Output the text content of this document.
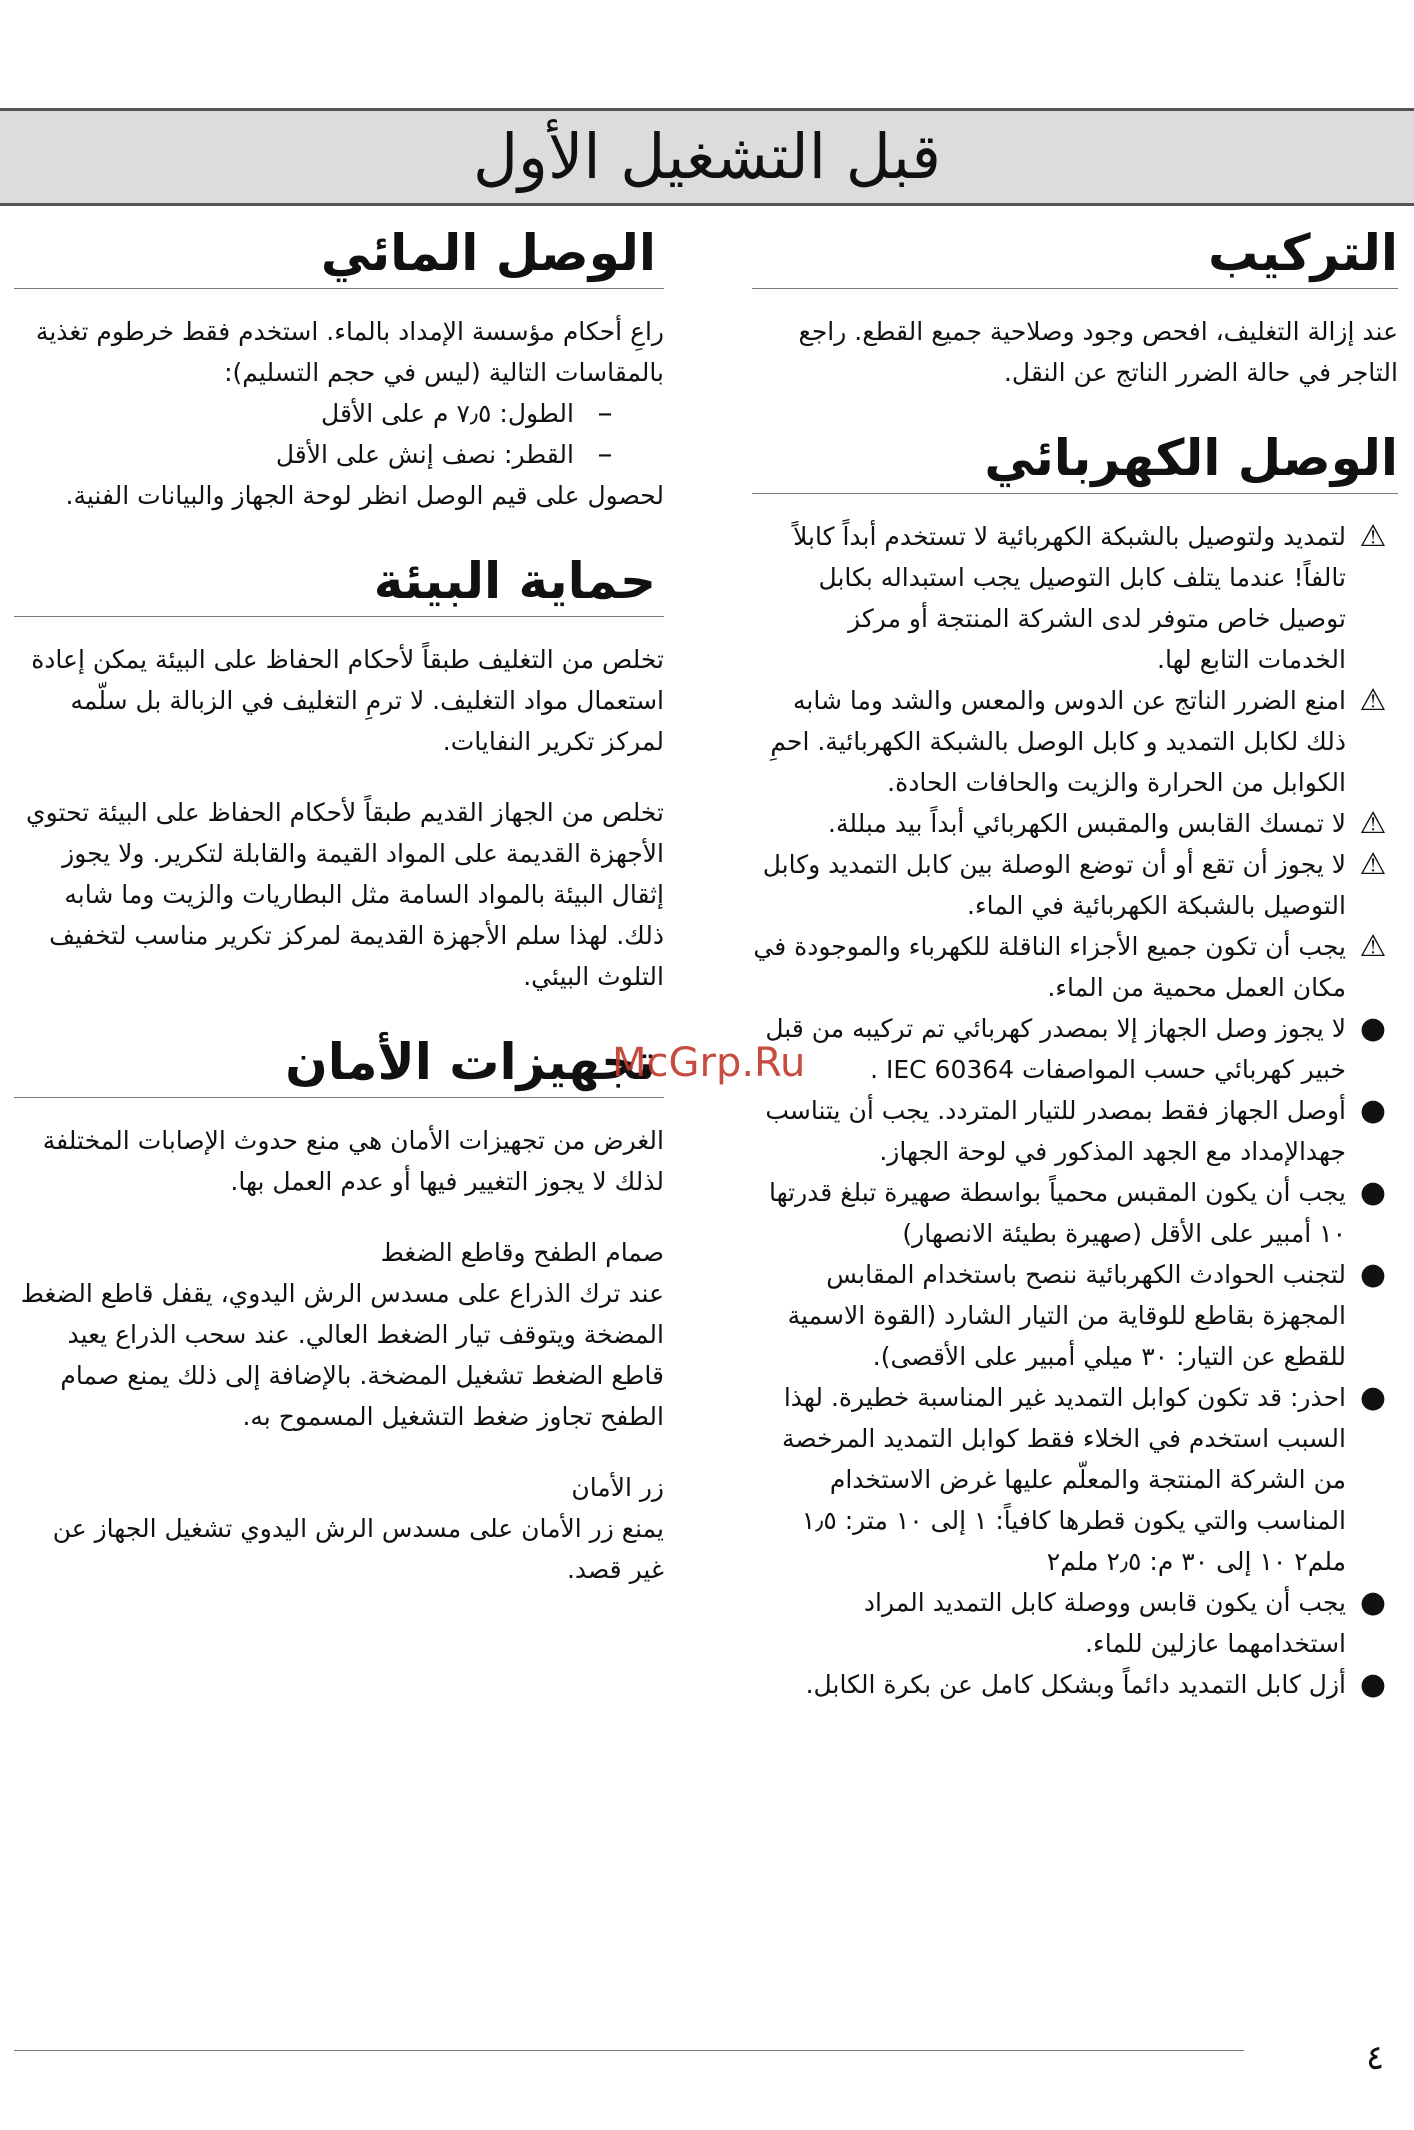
قبل التشغيل الأول
التركيب

عند إزالة التغليف، افحص وجود وصلاحية جميع القطع. راجع التاجر في حالة الضرر الناتج عن النقل.

الوصل الكهربائي
⚠
لتمديد ولتوصيل بالشبكة الكهربائية لا تستخدم أبداً كابلاً تالفاً! عندما يتلف كابل التوصيل يجب استبداله بكابل توصيل خاص متوفر لدى الشركة المنتجة أو مركز الخدمات التابع لها.
⚠
امنع الضرر الناتج عن الدوس والمعس والشد وما شابه ذلك لكابل التمديد و كابل الوصل بالشبكة الكهربائية. احمِ الكوابل من الحرارة والزيت والحافات الحادة.
⚠
لا تمسك القابس والمقبس الكهربائي أبداً بيد مبللة.
⚠
لا يجوز أن تقع أو أن توضع الوصلة بين كابل التمديد وكابل التوصيل بالشبكة الكهربائية في الماء.
⚠
يجب أن تكون جميع الأجزاء الناقلة للكهرباء والموجودة في مكان العمل محمية من الماء.
●
لا يجوز وصل الجهاز إلا بمصدر كهربائي تم تركيبه من قبل خبير كهربائي حسب المواصفات IEC 60364 .
●
أوصل الجهاز فقط بمصدر للتيار المتردد. يجب أن يتناسب جهدالإمداد مع الجهد المذكور في لوحة الجهاز.
●
يجب أن يكون المقبس محمياً بواسطة صهيرة تبلغ قدرتها ١٠ أمبير على الأقل (صهيرة بطيئة الانصهار)
●
لتجنب الحوادث الكهربائية ننصح باستخدام المقابس المجهزة بقاطع للوقاية من التيار الشارد (القوة الاسمية للقطع عن التيار: ٣٠ ميلي أمبير على الأقصى).
●
احذر: قد تكون كوابل التمديد غير المناسبة خطيرة. لهذا السبب استخدم في الخلاء فقط كوابل التمديد المرخصة من الشركة المنتجة والمعلّم عليها غرض الاستخدام المناسب والتي يكون قطرها كافياً: ١ إلى ١٠ متر: ١٫٥ ملم٢ ١٠ إلى ٣٠ م: ٢٫٥ ملم٢
●
يجب أن يكون قابس ووصلة كابل التمديد المراد استخدامهما عازلين للماء.
●
أزل كابل التمديد دائماً وبشكل كامل عن بكرة الكابل.
الوصل المائي

راعِ أحكام مؤسسة الإمداد بالماء. استخدم فقط خرطوم تغذية بالمقاسات التالية (ليس في حجم التسليم):

–
الطول: ٧٫٥ م على الأقل
–
القطر: نصف إنش على الأقل

لحصول على قيم الوصل انظر لوحة الجهاز والبيانات الفنية.

حماية البيئة

تخلص من التغليف طبقاً لأحكام الحفاظ على البيئة يمكن إعادة استعمال مواد التغليف. لا ترمِ التغليف في الزبالة بل سلّمه لمركز تكرير النفايات.

تخلص من الجهاز القديم طبقاً لأحكام الحفاظ على البيئة تحتوي الأجهزة القديمة على المواد القيمة والقابلة لتكرير. ولا يجوز إثقال البيئة بالمواد السامة مثل البطاريات والزيت وما شابه ذلك. لهذا سلم الأجهزة القديمة لمركز تكرير مناسب لتخفيف التلوث البيئي.

تجهيزات الأمان

الغرض من تجهيزات الأمان هي منع حدوث الإصابات المختلفة لذلك لا يجوز التغيير فيها أو عدم العمل بها.

صمام الطفح وقاطع الضغط

عند ترك الذراع على مسدس الرش اليدوي، يقفل قاطع الضغط المضخة ويتوقف تيار الضغط العالي. عند سحب الذراع يعيد قاطع الضغط تشغيل المضخة. بالإضافة إلى ذلك يمنع صمام الطفح تجاوز ضغط التشغيل المسموح به.

زر الأمان

يمنع زر الأمان على مسدس الرش اليدوي تشغيل الجهاز عن غير قصد.

McGrp.Ru
٤
